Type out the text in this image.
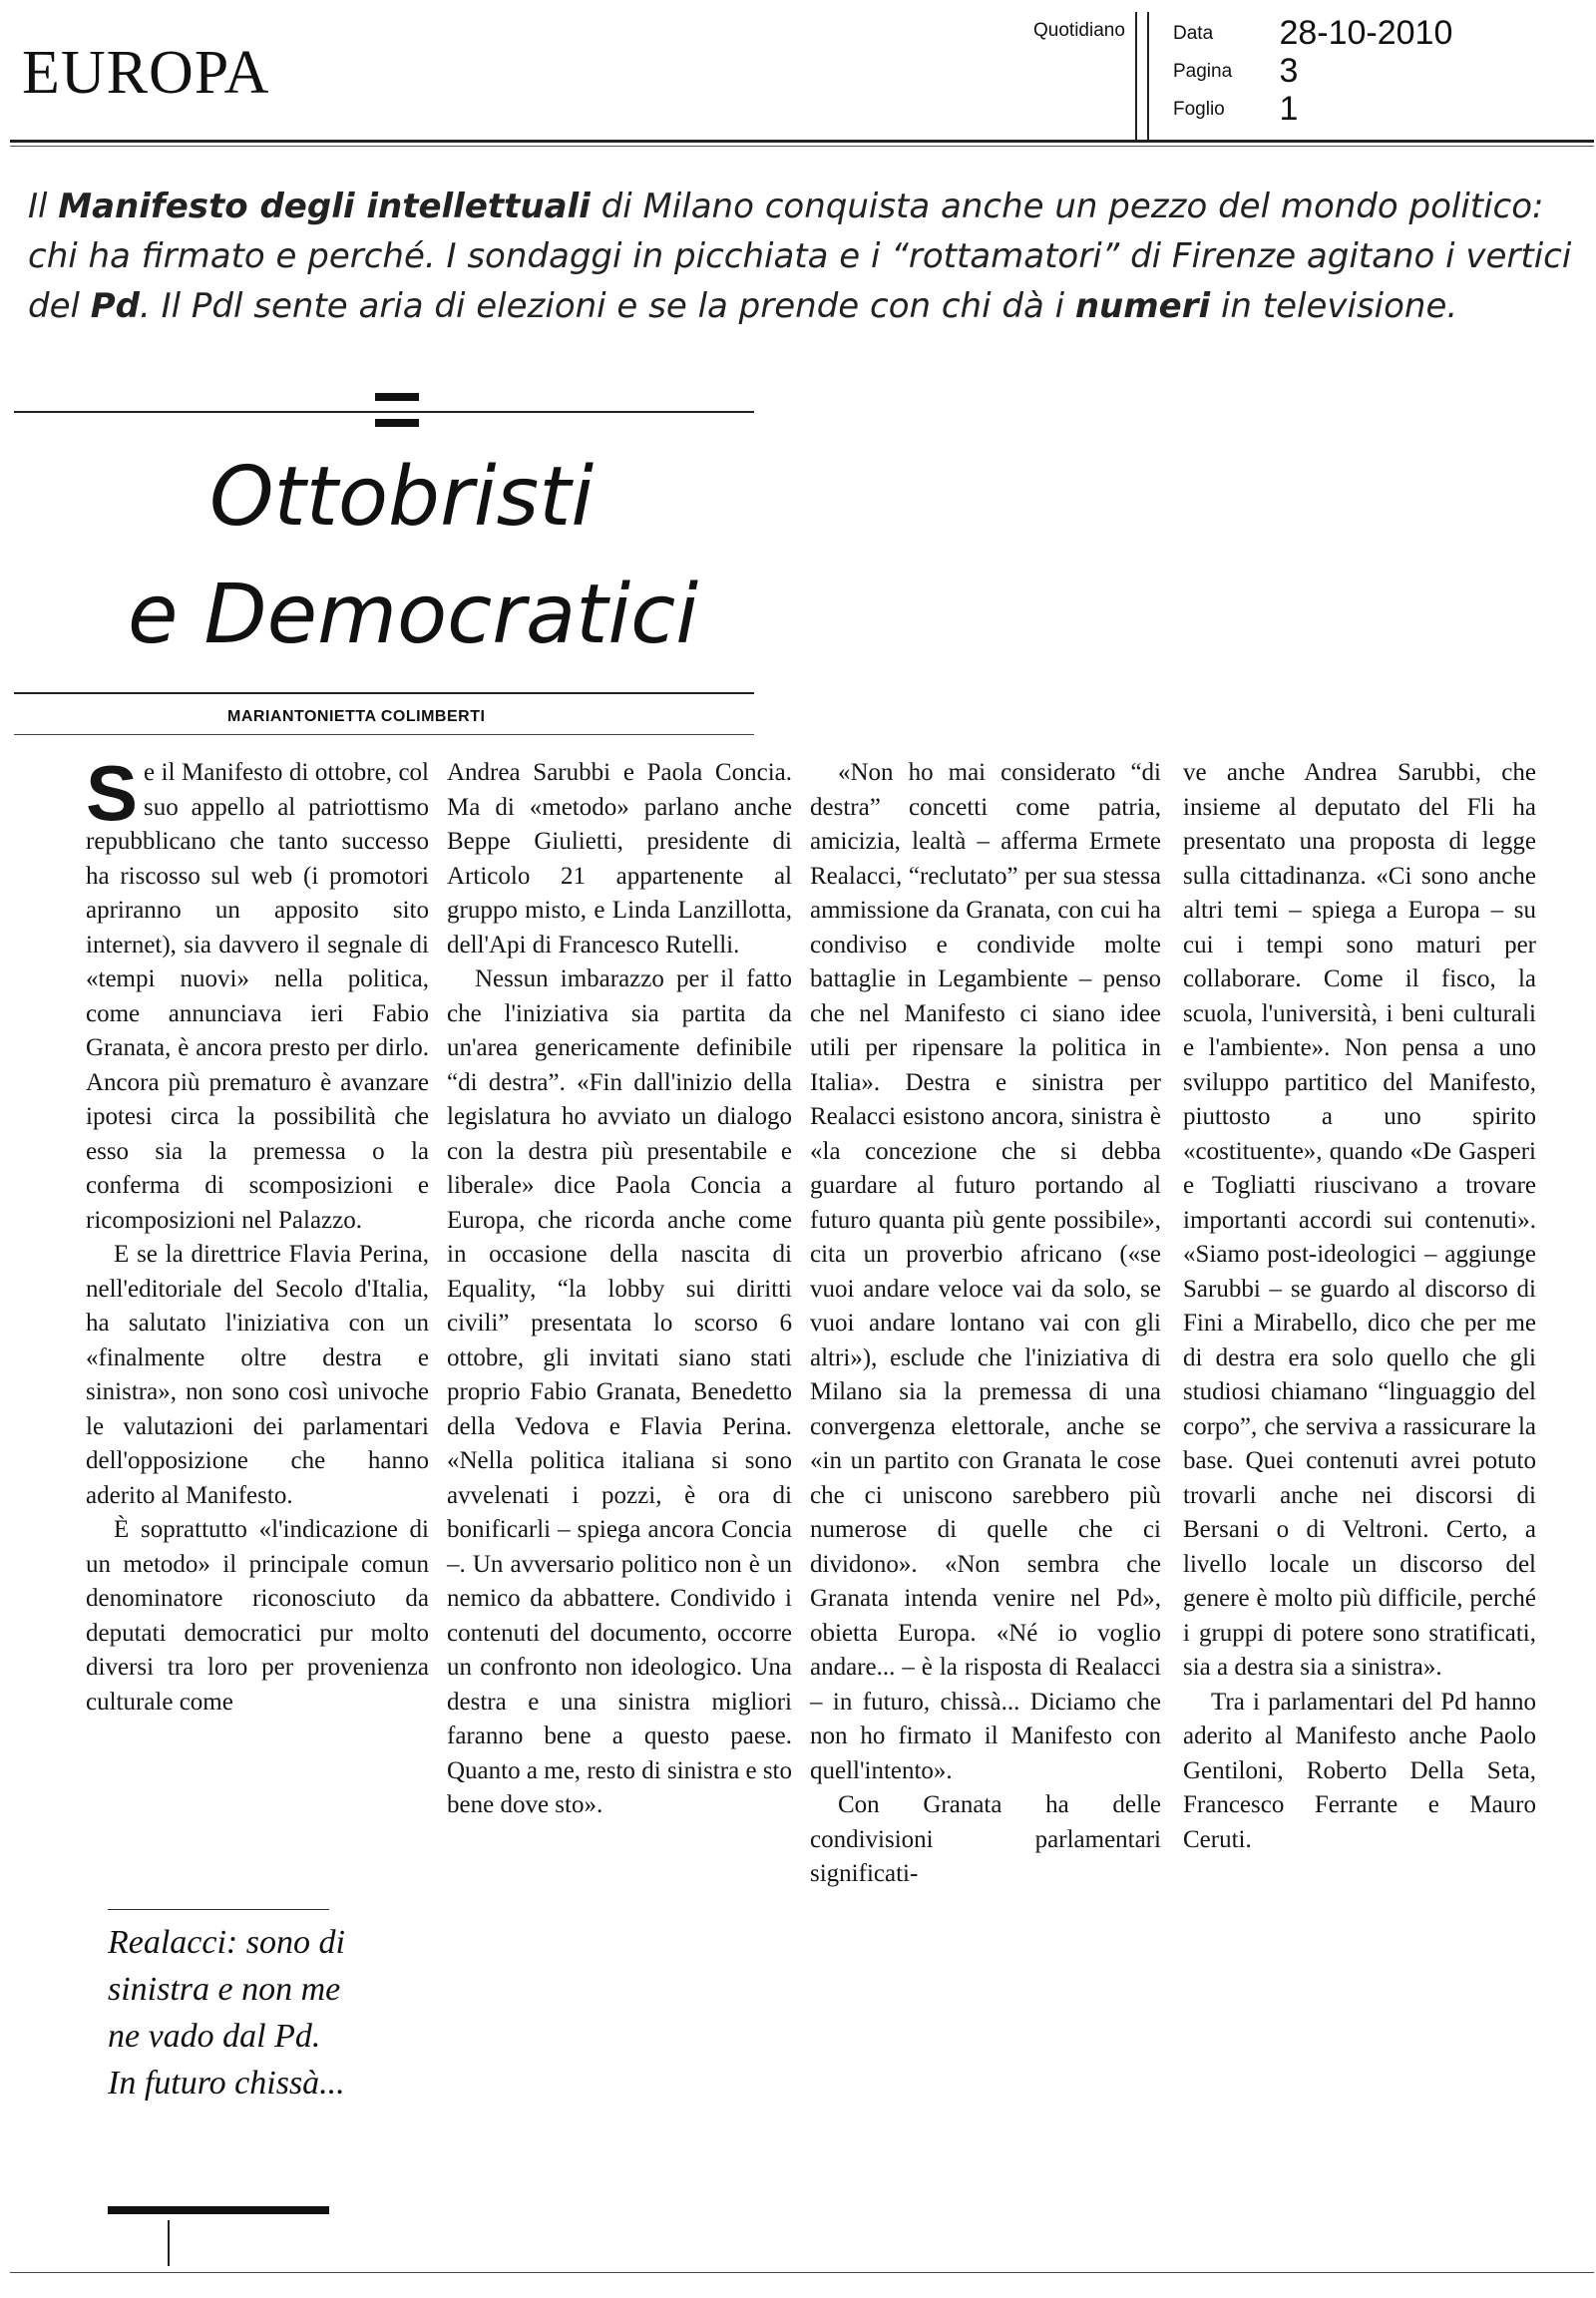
EUROPA
Quotidiano	Data 28-10-2010
Pagina 3
Foglio 1
Il Manifesto degli intellettuali di Milano conquista anche un pezzo del mondo politico: chi ha firmato e perché. I sondaggi in picchiata e i “rottamatori” di Firenze agitano i vertici del Pd. Il Pdl sente aria di elezioni e se la prende con chi dà i numeri in televisione.
Ottobristi
e Democratici
MARIANTONIETTA COLIMBERTI

Se il Manifesto di ottobre, col suo appello al patriottismo repubblicano che tanto successo ha riscosso sul web (i promotori apriranno un apposito sito internet), sia davvero il segnale di «tempi nuovi» nella politica, come annunciava ieri Fabio Granata, è ancora presto per dirlo. Ancora più prematuro è avanzare ipotesi circa la possibilità che esso sia la premessa o la conferma di scomposizioni e ricomposizioni nel Palazzo.

E se la direttrice Flavia Perina, nell'editoriale del Secolo d'Italia, ha salutato l'iniziativa con un «finalmente oltre destra e sinistra», non sono così univoche le valutazioni dei parlamentari dell'opposizione che hanno aderito al Manifesto.

È soprattutto «l'indicazione di un metodo» il principale comun denominatore riconosciuto da deputati democratici pur molto diversi tra loro per provenienza culturale come

Andrea Sarubbi e Paola Concia. Ma di «metodo» parlano anche Beppe Giulietti, presidente di Articolo 21 appartenente al gruppo misto, e Linda Lanzillotta, dell'Api di Francesco Rutelli.

Nessun imbarazzo per il fatto che l'iniziativa sia partita da un'area genericamente definibile “di destra”. «Fin dall'inizio della legislatura ho avviato un dialogo con la destra più presentabile e liberale» dice Paola Concia a Europa, che ricorda anche come in occasione della nascita di Equality, “la lobby sui diritti civili” presentata lo scorso 6 ottobre, gli invitati siano stati proprio Fabio Granata, Benedetto della Vedova e Flavia Perina. «Nella politica italiana si sono avvelenati i pozzi, è ora di bonificarli – spiega ancora Concia –. Un avversario politico non è un nemico da abbattere. Condivido i contenuti del documento, occorre un confronto non ideologico. Una destra e una sinistra migliori faranno bene a questo paese. Quanto a me, resto di sinistra e sto bene dove sto».

«Non ho mai considerato “di destra” concetti come patria, amicizia, lealtà – afferma Ermete Realacci, “reclutato” per sua stessa ammissione da Granata, con cui ha condiviso e condivide molte battaglie in Legambiente – penso che nel Manifesto ci siano idee utili per ripensare la politica in Italia». Destra e sinistra per Realacci esistono ancora, sinistra è «la concezione che si debba guardare al futuro portando al futuro quanta più gente possibile», cita un proverbio africano («se vuoi andare veloce vai da solo, se vuoi andare lontano vai con gli altri»), esclude che l'iniziativa di Milano sia la premessa di una convergenza elettorale, anche se «in un partito con Granata le cose che ci uniscono sarebbero più numerose di quelle che ci dividono». «Non sembra che Granata intenda venire nel Pd», obietta Europa. «Né io voglio andare... – è la risposta di Realacci – in futuro, chissà... Diciamo che non ho firmato il Manifesto con quell'intento».

Con Granata ha delle condivisioni parlamentari significati-

ve anche Andrea Sarubbi, che insieme al deputato del Fli ha presentato una proposta di legge sulla cittadinanza. «Ci sono anche altri temi – spiega a Europa – su cui i tempi sono maturi per collaborare. Come il fisco, la scuola, l'università, i beni culturali e l'ambiente». Non pensa a uno sviluppo partitico del Manifesto, piuttosto a uno spirito «costituente», quando «De Gasperi e Togliatti riuscivano a trovare importanti accordi sui contenuti». «Siamo post-ideologici – aggiunge Sarubbi – se guardo al discorso di Fini a Mirabello, dico che per me di destra era solo quello che gli studiosi chiamano “linguaggio del corpo”, che serviva a rassicurare la base. Quei contenuti avrei potuto trovarli anche nei discorsi di Bersani o di Veltroni. Certo, a livello locale un discorso del genere è molto più difficile, perché i gruppi di potere sono stratificati, sia a destra sia a sinistra».

Tra i parlamentari del Pd hanno aderito al Manifesto anche Paolo Gentiloni, Roberto Della Seta, Francesco Ferrante e Mauro Ceruti.

Realacci: sono di sinistra e non me ne vado dal Pd. In futuro chissà...
